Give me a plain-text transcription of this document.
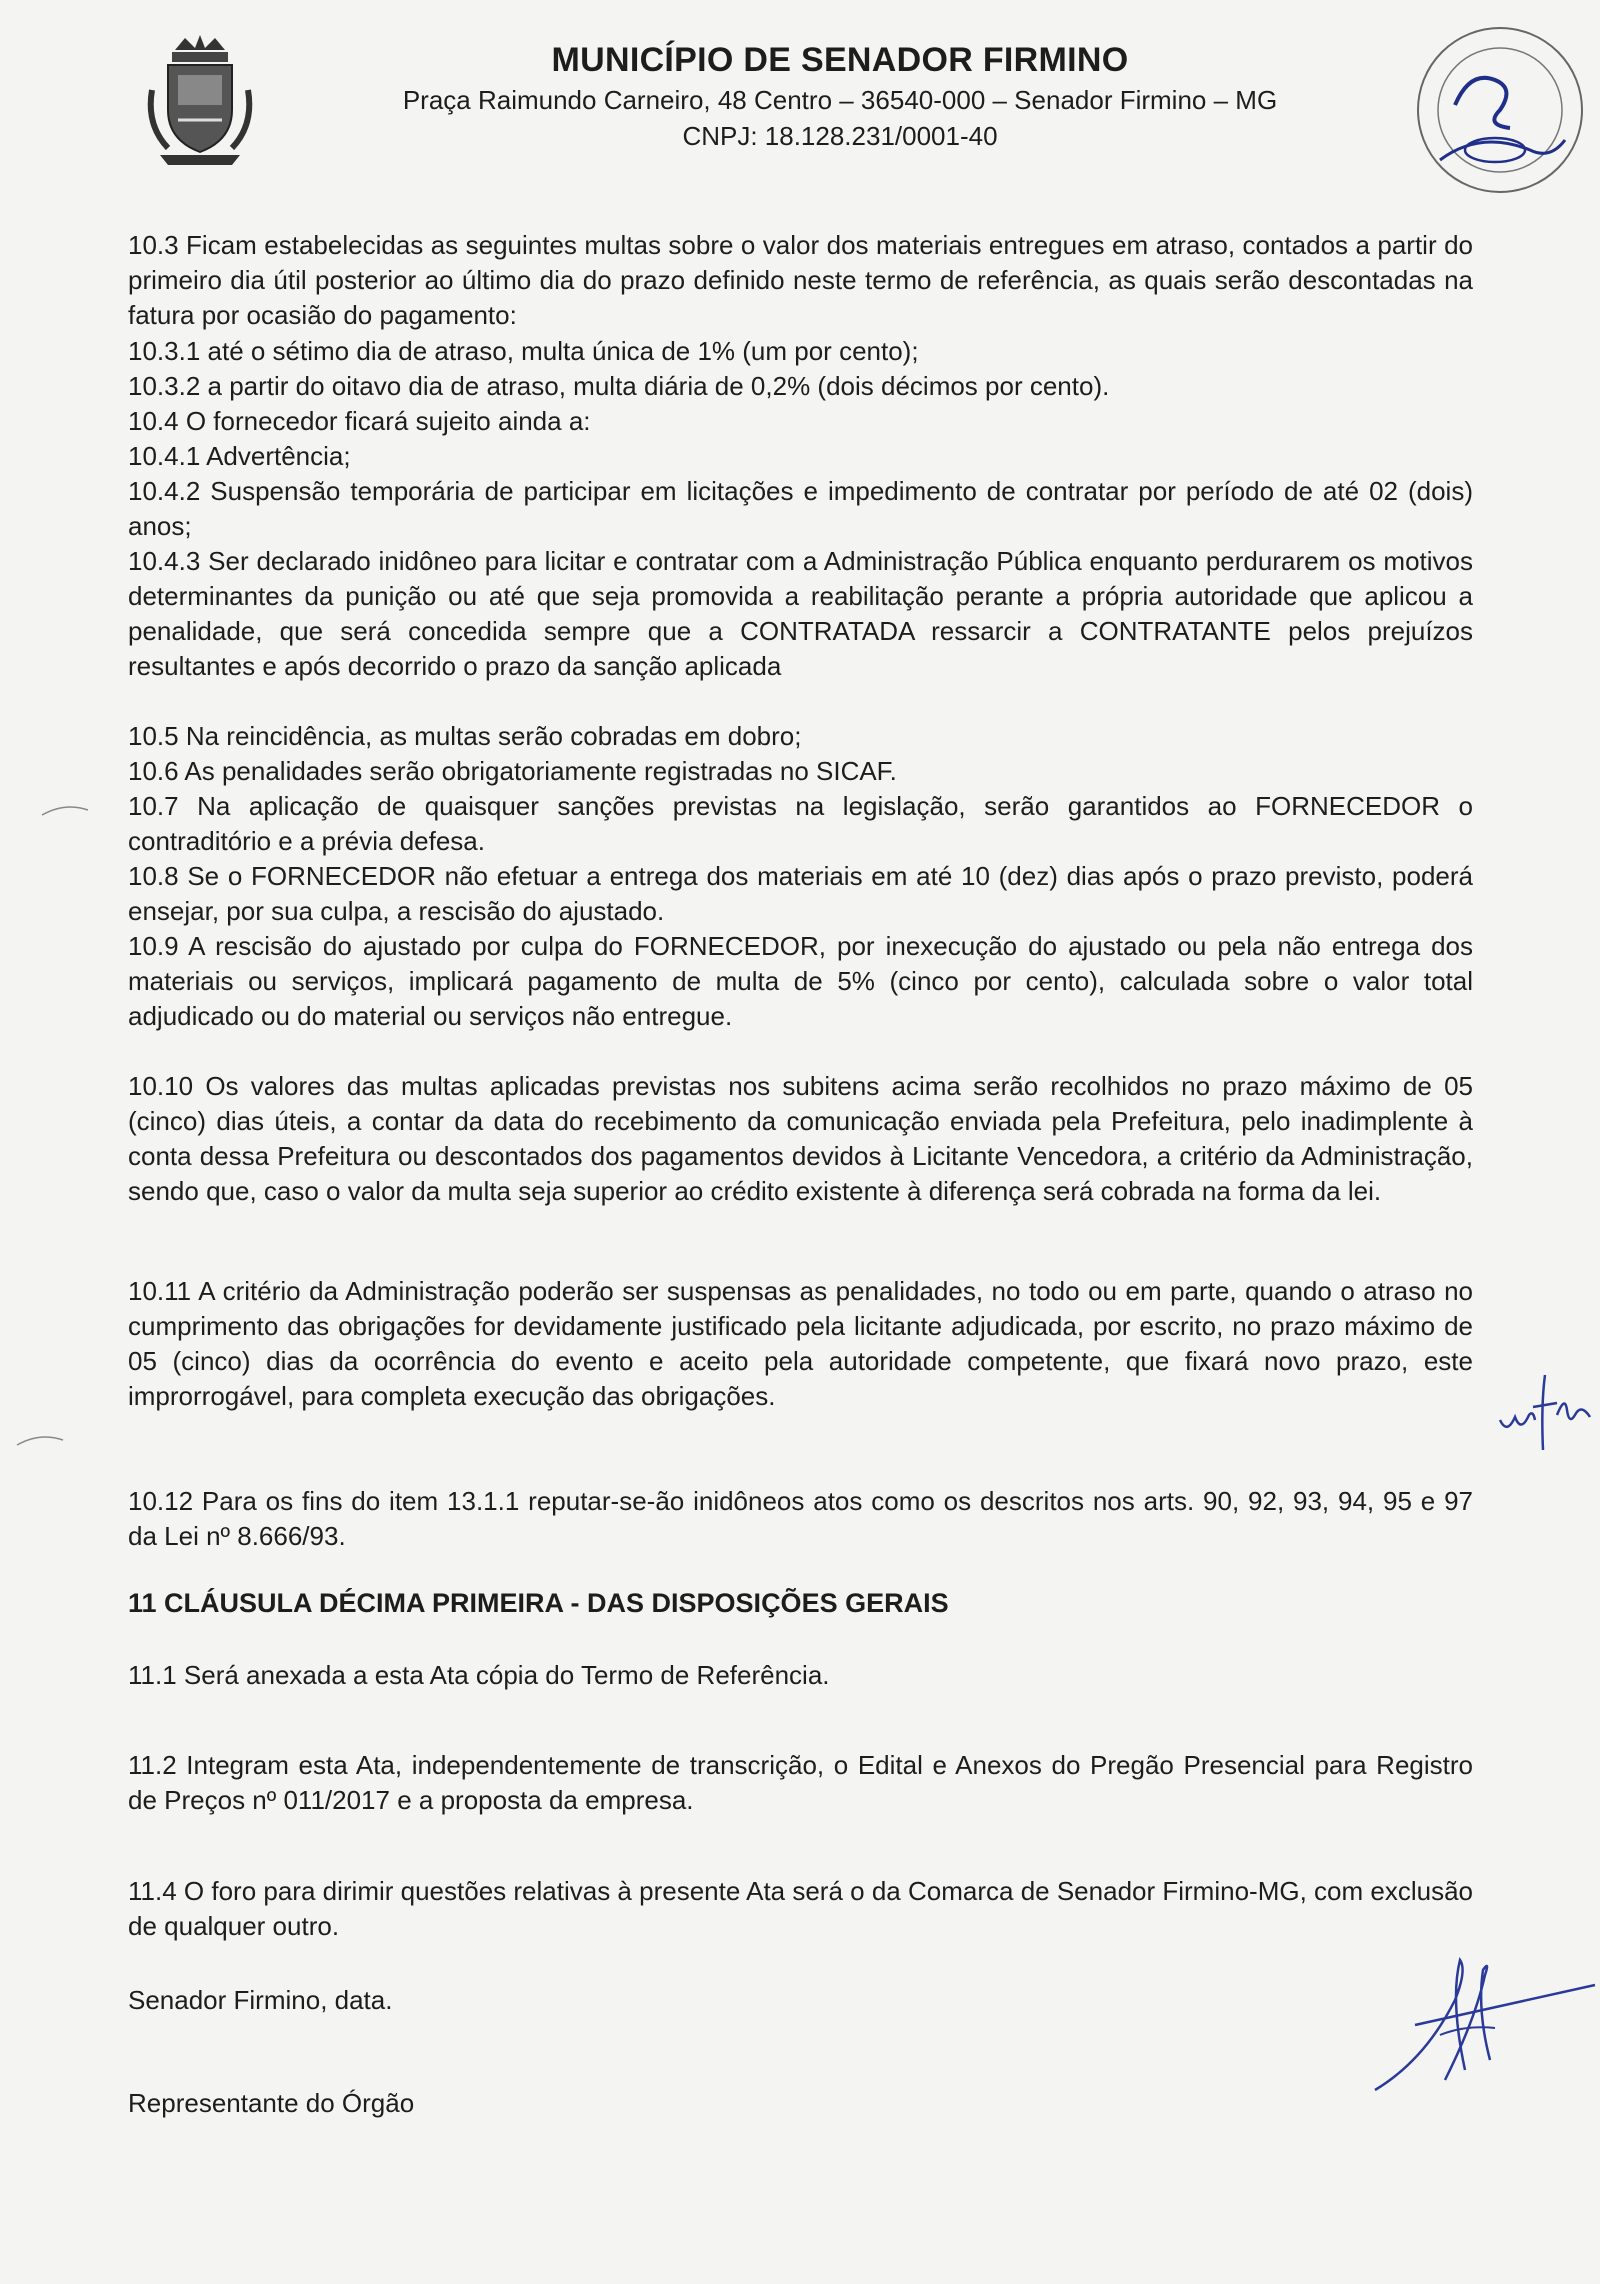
MUNICÍPIO DE SENADOR FIRMINO
Praça Raimundo Carneiro, 48 Centro – 36540-000 – Senador Firmino – MG
CNPJ: 18.128.231/0001-40

10.3 Ficam estabelecidas as seguintes multas sobre o valor dos materiais entregues em atraso, contados a partir do primeiro dia útil posterior ao último dia do prazo definido neste termo de referência, as quais serão descontadas na fatura por ocasião do pagamento:

10.3.1 até o sétimo dia de atraso, multa única de 1% (um por cento);

10.3.2 a partir do oitavo dia de atraso, multa diária de 0,2% (dois décimos por cento).

10.4 O fornecedor ficará sujeito ainda a:

10.4.1 Advertência;

10.4.2 Suspensão temporária de participar em licitações e impedimento de contratar por período de até 02 (dois) anos;

10.4.3 Ser declarado inidôneo para licitar e contratar com a Administração Pública enquanto perdurarem os motivos determinantes da punição ou até que seja promovida a reabilitação perante a própria autoridade que aplicou a penalidade, que será concedida sempre que a CONTRATADA ressarcir a CONTRATANTE pelos prejuízos resultantes e após decorrido o prazo da sanção aplicada

10.5 Na reincidência, as multas serão cobradas em dobro;

10.6 As penalidades serão obrigatoriamente registradas no SICAF.

10.7 Na aplicação de quaisquer sanções previstas na legislação, serão garantidos ao FORNECEDOR o contraditório e a prévia defesa.

10.8 Se o FORNECEDOR não efetuar a entrega dos materiais em até 10 (dez) dias após o prazo previsto, poderá ensejar, por sua culpa, a rescisão do ajustado.

10.9 A rescisão do ajustado por culpa do FORNECEDOR, por inexecução do ajustado ou pela não entrega dos materiais ou serviços, implicará pagamento de multa de 5% (cinco por cento), calculada sobre o valor total adjudicado ou do material ou serviços não entregue.

10.10 Os valores das multas aplicadas previstas nos subitens acima serão recolhidos no prazo máximo de 05 (cinco) dias úteis, a contar da data do recebimento da comunicação enviada pela Prefeitura, pelo inadimplente à conta dessa Prefeitura ou descontados dos pagamentos devidos à Licitante Vencedora, a critério da Administração, sendo que, caso o valor da multa seja superior ao crédito existente à diferença será cobrada na forma da lei.

10.11 A critério da Administração poderão ser suspensas as penalidades, no todo ou em parte, quando o atraso no cumprimento das obrigações for devidamente justificado pela licitante adjudicada, por escrito, no prazo máximo de 05 (cinco) dias da ocorrência do evento e aceito pela autoridade competente, que fixará novo prazo, este improrrogável, para completa execução das obrigações.

10.12 Para os fins do item 13.1.1 reputar-se-ão inidôneos atos como os descritos nos arts. 90, 92, 93, 94, 95 e 97 da Lei nº 8.666/93.

11 CLÁUSULA DÉCIMA PRIMEIRA - DAS DISPOSIÇÕES GERAIS

11.1 Será anexada a esta Ata cópia do Termo de Referência.

11.2 Integram esta Ata, independentemente de transcrição, o Edital e Anexos do Pregão Presencial para Registro de Preços nº 011/2017 e a proposta da empresa.

11.4 O foro para dirimir questões relativas à presente Ata será o da Comarca de Senador Firmino-MG, com exclusão de qualquer outro.

Senador Firmino, data.

Representante do Órgão
